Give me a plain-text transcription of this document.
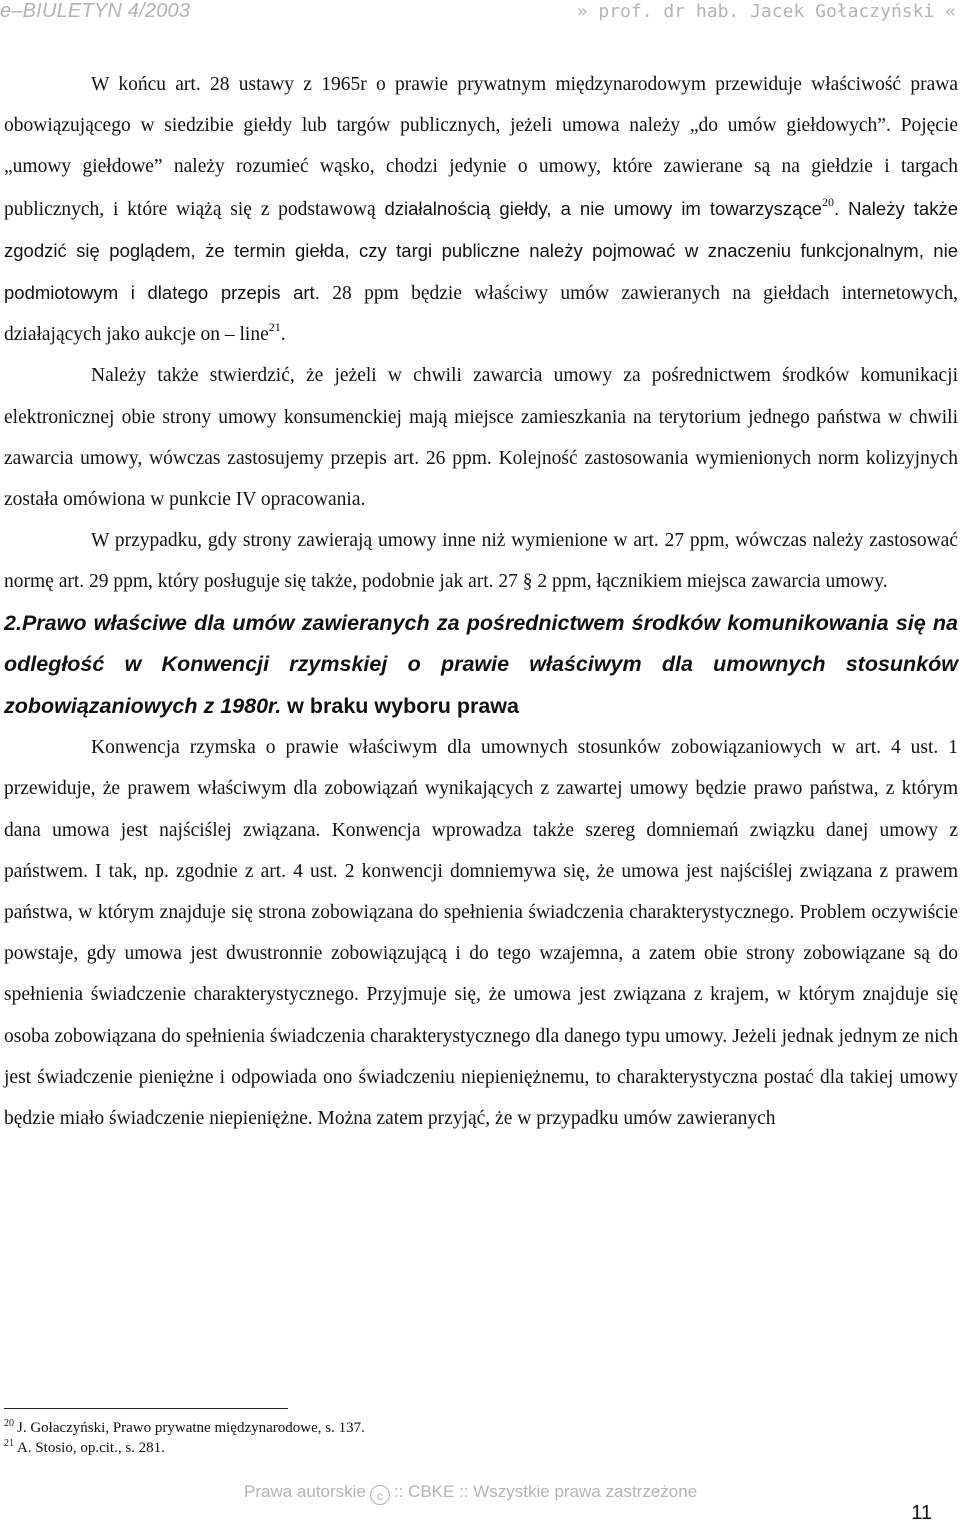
e–BIULETYN 4/2003	» prof. dr hab. Jacek Gołaczyński «

W końcu art. 28 ustawy z 1965r o prawie prywatnym międzynarodowym przewiduje właściwość prawa obowiązującego w siedzibie giełdy lub targów publicznych, jeżeli umowa należy „do umów giełdowych”. Pojęcie „umowy giełdowe” należy rozumieć wąsko, chodzi jedynie o umowy, które zawierane są na giełdzie i targach publicznych, i które wiążą się z podstawową działalnością giełdy, a nie umowy im towarzyszące$^{20}$. Należy także zgodzić się poglądem, że termin giełda, czy targi publiczne należy pojmować w znaczeniu funkcjonalnym, nie podmiotowym i dlatego przepis art. 28 ppm będzie właściwy umów zawieranych na giełdach internetowych, działających jako aukcje on – line$^{21}$.

Należy także stwierdzić, że jeżeli w chwili zawarcia umowy za pośrednictwem środków komunikacji elektronicznej obie strony umowy konsumenckiej mają miejsce zamieszkania na terytorium jednego państwa w chwili zawarcia umowy, wówczas zastosujemy przepis art. 26 ppm. Kolejność zastosowania wymienionych norm kolizyjnych została omówiona w punkcie IV opracowania.

W przypadku, gdy strony zawierają umowy inne niż wymienione w art. 27 ppm, wówczas należy zastosować normę art. 29 ppm, który posługuje się także, podobnie jak art. 27 § 2 ppm, łącznikiem miejsca zawarcia umowy.

2.Prawo właściwe dla umów zawieranych za pośrednictwem środków komunikowania się na odległość w Konwencji rzymskiej o prawie właściwym dla umownych stosunków zobowiązaniowych z 1980r. w braku wyboru prawa

Konwencja rzymska o prawie właściwym dla umownych stosunków zobowiązaniowych w art. 4 ust. 1 przewiduje, że prawem właściwym dla zobowiązań wynikających z zawartej umowy będzie prawo państwa, z którym dana umowa jest najściślej związana. Konwencja wprowadza także szereg domniemań związku danej umowy z państwem. I tak, np. zgodnie z art. 4 ust. 2 konwencji domniemywa się, że umowa jest najściślej związana z prawem państwa, w którym znajduje się strona zobowiązana do spełnienia świadczenia charakterystycznego. Problem oczywiście powstaje, gdy umowa jest dwustronnie zobowiązującą i do tego wzajemna, a zatem obie strony zobowiązane są do spełnienia świadczenie charakterystycznego. Przyjmuje się, że umowa jest związana z krajem, w którym znajduje się osoba zobowiązana do spełnienia świadczenia charakterystycznego dla danego typu umowy. Jeżeli jednak jednym ze nich jest świadczenie pieniężne i odpowiada ono świadczeniu niepieniężnemu, to charakterystyczna postać dla takiej umowy będzie miało świadczenie niepieniężne. Można zatem przyjąć, że w przypadku umów zawieranych

$^{20}$ J. Gołaczyński, Prawo prywatne międzynarodowe, s. 137.

$^{21}$ A. Stosio, op.cit., s. 281.

Prawa autorskie c :: CBKE :: Wszystkie prawa zastrzeżone
11
